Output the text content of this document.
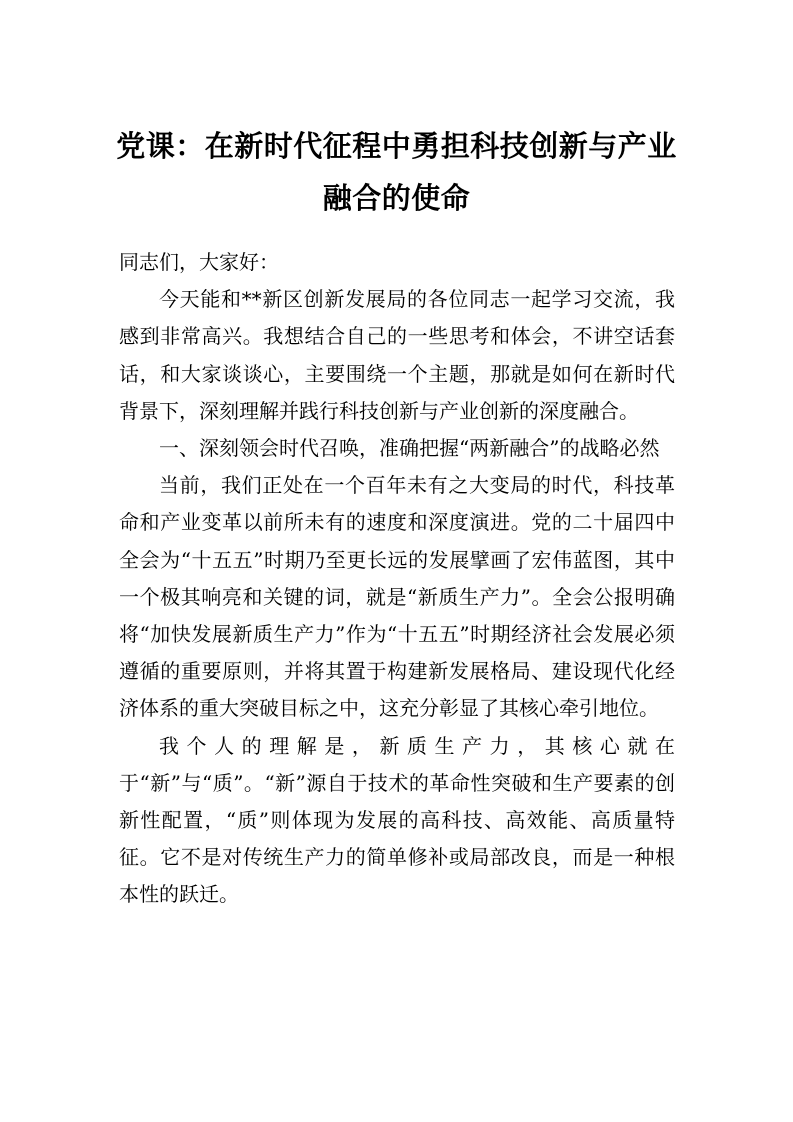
党课：在新时代征程中勇担科技创新与产业
融合的使命

同志们，大家好：

今天能和**新区创新发展局的各位同志一起学习交流，我感到非常高兴。我想结合自己的一些思考和体会，不讲空话套话，和大家谈谈心，主要围绕一个主题，那就是如何在新时代背景下，深刻理解并践行科技创新与产业创新的深度融合。

一、深刻领会时代召唤，准确把握“两新融合”的战略必然

当前，我们正处在一个百年未有之大变局的时代，科技革命和产业变革以前所未有的速度和深度演进。党的二十届四中全会为“十五五”时期乃至更长远的发展擘画了宏伟蓝图，其中一个极其响亮和关键的词，就是“新质生产力”。全会公报明确将“加快发展新质生产力”作为“十五五”时期经济社会发展必须遵循的重要原则，并将其置于构建新发展格局、建设现代化经济体系的重大突破目标之中，这充分彰显了其核心牵引地位。

我个人的理解是，新质生产力，其核心就在于“新”与“质”。“新”源自于技术的革命性突破和生产要素的创新性配置，“质”则体现为发展的高科技、高效能、高质量特征。它不是对传统生产力的简单修补或局部改良，而是一种根本性的跃迁。
